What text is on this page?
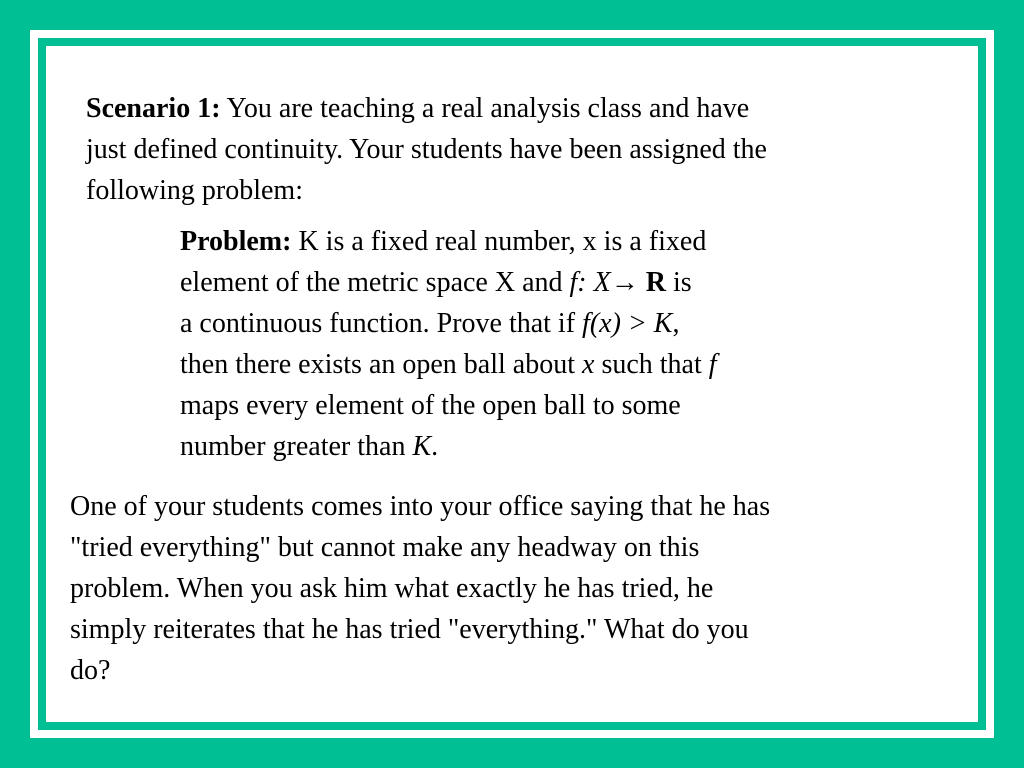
Scenario 1: You are teaching a real analysis class and have
just defined continuity. Your students have been assigned the
following problem:
Problem: K is a fixed real number, x is a fixed
element of the metric space X and f: X→ R is
a continuous function. Prove that if f(x) > K,
then there exists an open ball about x such that f
maps every element of the open ball to some
number greater than K.
One of your students comes into your office saying that he has
"tried everything" but cannot make any headway on this
problem. When you ask him what exactly he has tried, he
simply reiterates that he has tried "everything." What do you
do?
